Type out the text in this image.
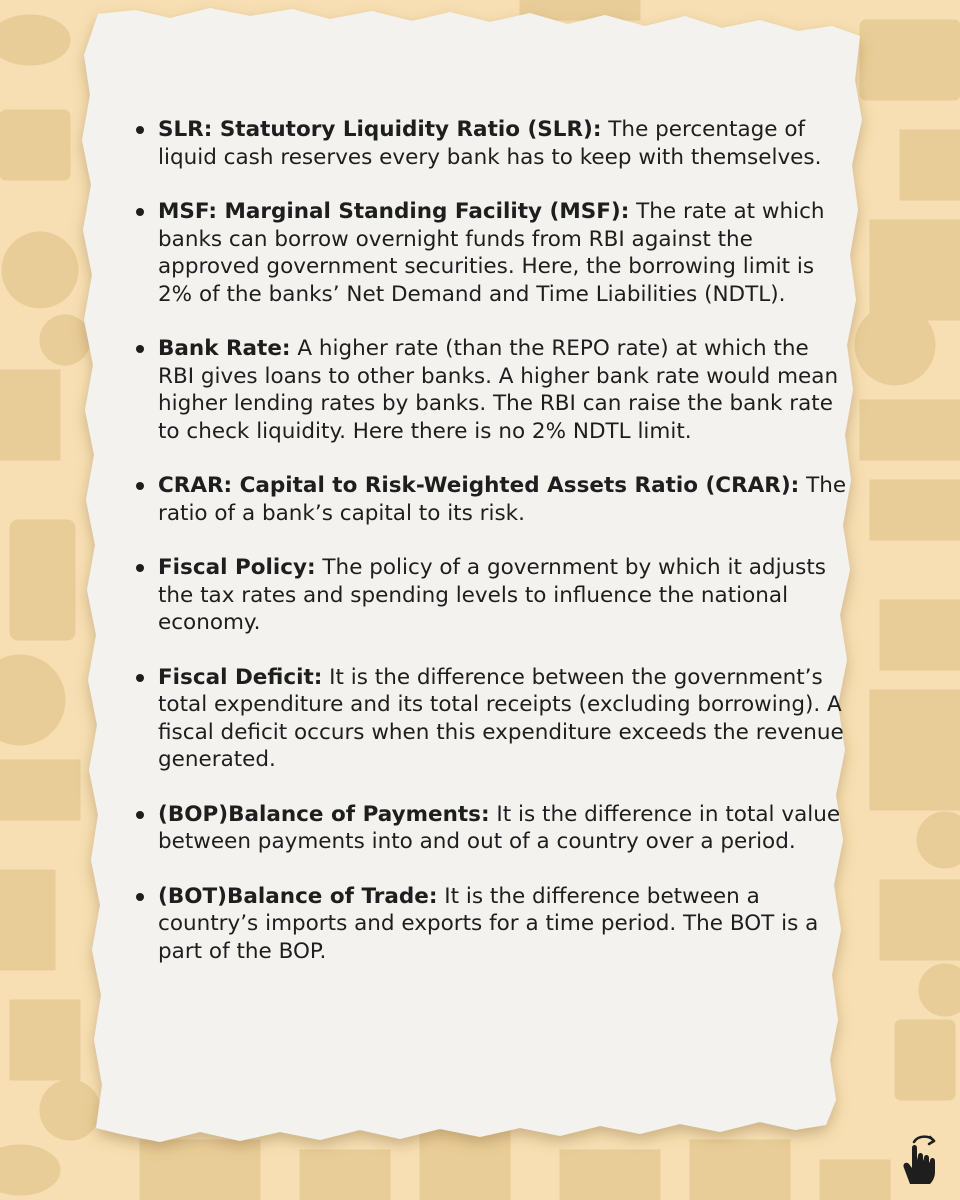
SLR: Statutory Liquidity Ratio (SLR): The percentage of liquid cash reserves every bank has to keep with themselves.
MSF: Marginal Standing Facility (MSF): The rate at which banks can borrow overnight funds from RBI against the approved government securities. Here, the borrowing limit is 2% of the banks’ Net Demand and Time Liabilities (NDTL).
Bank Rate: A higher rate (than the REPO rate) at which the RBI gives loans to other banks. A higher bank rate would mean higher lending rates by banks. The RBI can raise the bank rate to check liquidity. Here there is no 2% NDTL limit.
CRAR: Capital to Risk-Weighted Assets Ratio (CRAR): The ratio of a bank’s capital to its risk.
Fiscal Policy: The policy of a government by which it adjusts the tax rates and spending levels to influence the national economy.
Fiscal Deficit: It is the difference between the government’s total expenditure and its total receipts (excluding borrowing). A fiscal deficit occurs when this expenditure exceeds the revenue generated.
(BOP)Balance of Payments: It is the difference in total value between payments into and out of a country over a period.
(BOT)Balance of Trade: It is the difference between a country’s imports and exports for a time period. The BOT is a part of the BOP.
